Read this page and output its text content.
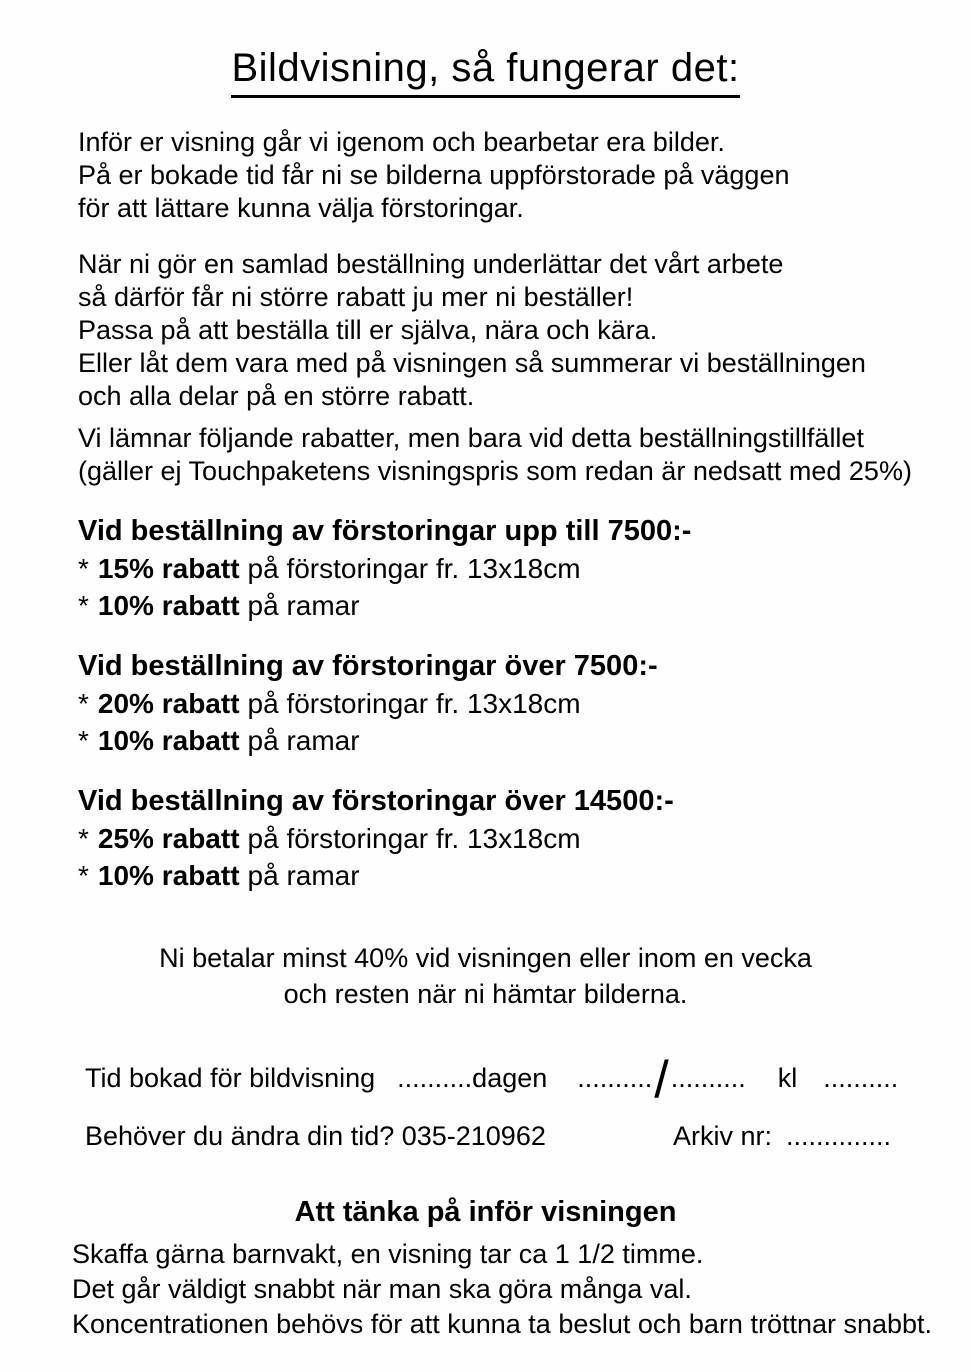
Bildvisning, så fungerar det:
Inför er visning går vi igenom och bearbetar era bilder.
På er bokade tid får ni se bilderna uppförstorade på väggen
för att lättare kunna välja förstoringar.
När ni gör en samlad beställning underlättar det vårt arbete
så därför får ni större rabatt ju mer ni beställer!
Passa på att beställa till er själva, nära och kära.
Eller låt dem vara med på visningen så summerar vi beställningen
och alla delar på en större rabatt.
Vi lämnar följande rabatter, men bara vid detta beställningstillfället
(gäller ej Touchpaketens visningspris som redan är nedsatt med 25%)
Vid beställning av förstoringar upp till 7500:-
* 15% rabatt på förstoringar fr. 13x18cm
* 10% rabatt på ramar
Vid beställning av förstoringar över 7500:-
* 20% rabatt på förstoringar fr. 13x18cm
* 10% rabatt på ramar
Vid beställning av förstoringar över 14500:-
* 25% rabatt på förstoringar fr. 13x18cm
* 10% rabatt på ramar
Ni betalar minst 40% vid visningen eller inom en vecka
och resten när ni hämtar bilderna.
Tid bokad för bildvisning ..........dagen ........../.......... kl ..........
Behöver du ändra din tid? 035-210962	Arkiv nr: ..............
Att tänka på inför visningen
Skaffa gärna barnvakt, en visning tar ca 1 1/2 timme.
Det går väldigt snabbt när man ska göra många val.
Koncentrationen behövs för att kunna ta beslut och barn tröttnar snabbt.
